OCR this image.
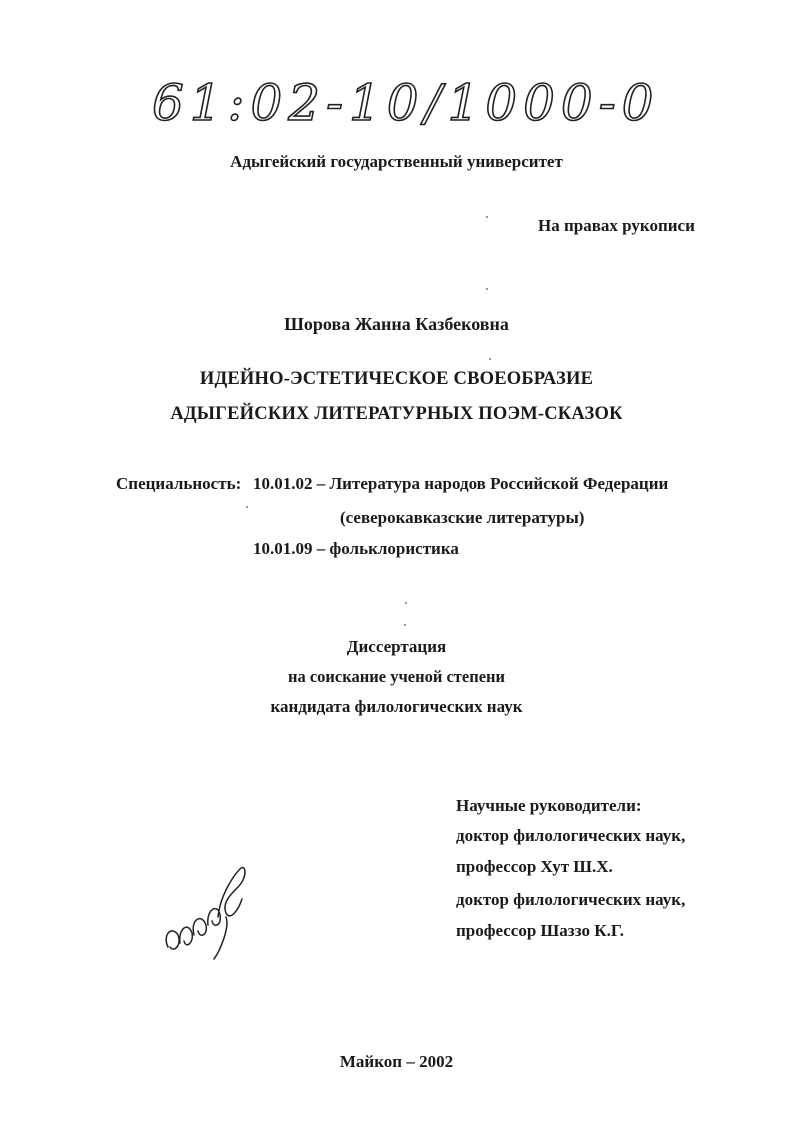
61:02-10/1000-0
Адыгейский государственный университет
На правах рукописи
Шорова Жанна Казбековна
ИДЕЙНО-ЭСТЕТИЧЕСКОЕ СВОЕОБРАЗИЕ
АДЫГЕЙСКИХ ЛИТЕРАТУРНЫХ ПОЭМ-СКАЗОК
Специальность: 10.01.02 – Литература народов Российской Федерации
(северокавказские литературы)
10.01.09 – фольклористика
Диссертация
на соискание ученой степени
кандидата филологических наук
Научные руководители:
доктор филологических наук,
профессор Хут Ш.Х.
доктор филологических наук,
профессор Шаззо К.Г.
Майкоп – 2002
